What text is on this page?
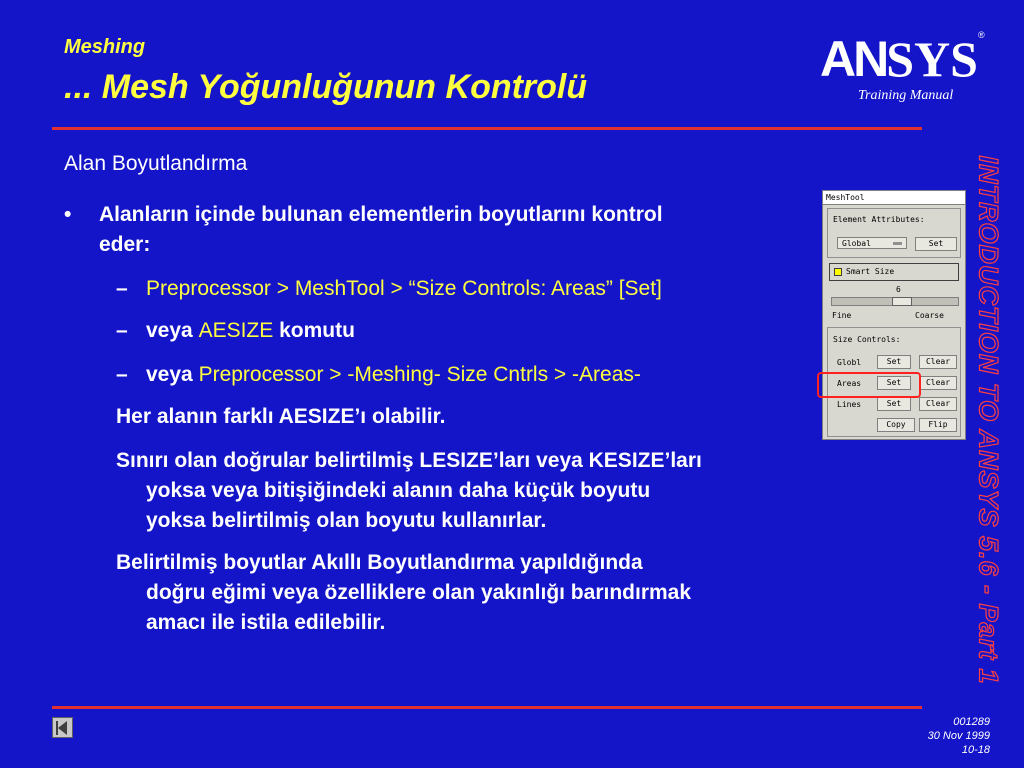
Meshing
... Mesh Yoğunluğunun Kontrolü	ANSYS®
Training Manual
INTRODUCTION TO ANSYS 5.6 - Part 1
Alan Boyutlandırma
• Alanların içinde bulunan elementlerin boyutlarını kontrol
eder:
– Preprocessor > MeshTool > “Size Controls: Areas” [Set]
– veya AESIZE komutu
– veya Preprocessor > -Meshing- Size Cntrls > -Areas-
Her alanın farklı AESIZE’ı olabilir.
Sınırı olan doğrular belirtilmiş LESIZE’ları veya KESIZE’ları
yoksa veya bitişiğindeki alanın daha küçük boyutu
yoksa belirtilmiş olan boyutu kullanırlar.
Belirtilmiş boyutlar Akıllı Boyutlandırma yapıldığında
doğru eğimi veya özelliklere olan yakınlığı barındırmak
amacı ile istila edilebilir.
MeshTool
Element Attributes:
Global	Set
Smart Size
6
Fine	Coarse
Size Controls:
Globl	Set	Clear
Areas	Set	Clear
Lines	Set	Clear
Copy	Flip
001289
30 Nov 1999
10-18
